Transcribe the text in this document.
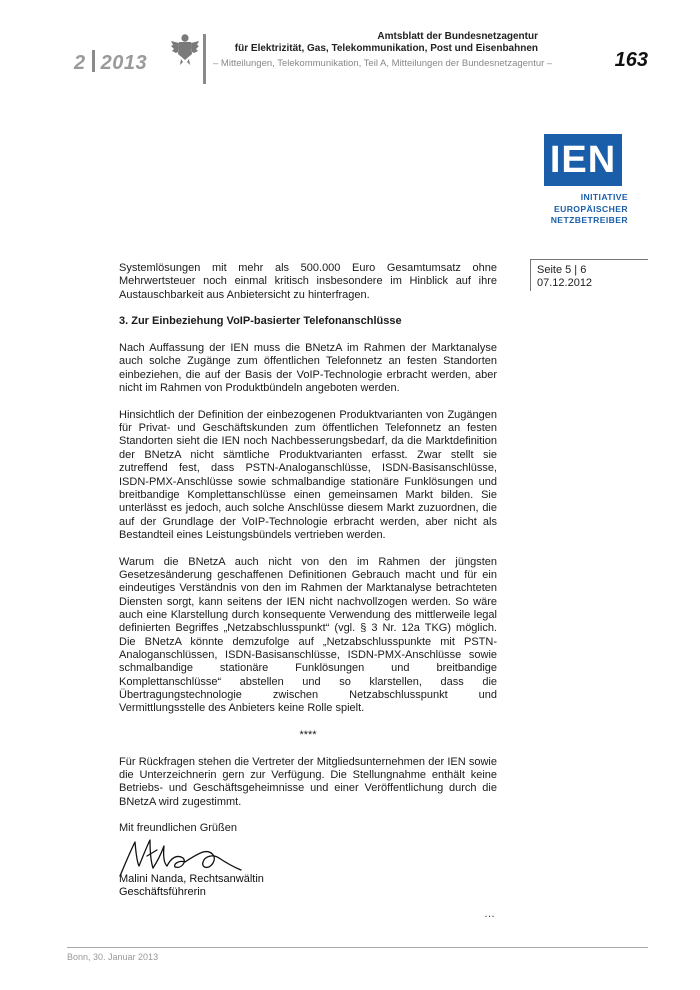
2 2013
Amtsblatt der Bundesnetzagentur
für Elektrizität, Gas, Telekommunikation, Post und Eisenbahnen
– Mitteilungen, Telekommunikation, Teil A, Mitteilungen der Bundesnetzagentur –	163
IEN
INITIATIVE
EUROPÄISCHER
NETZBETREIBER
Seite 5 | 6
07.12.2012

Systemlösungen mit mehr als 500.000 Euro Gesamtumsatz ohne Mehrwertsteuer noch einmal kritisch insbesondere im Hinblick auf ihre Austauschbarkeit aus Anbietersicht zu hinterfragen.

3. Zur Einbeziehung VoIP-basierter Telefonanschlüsse

Nach Auffassung der IEN muss die BNetzA im Rahmen der Marktanalyse auch solche Zugänge zum öffentlichen Telefonnetz an festen Standorten einbeziehen, die auf der Basis der VoIP-Technologie erbracht werden, aber nicht im Rahmen von Produktbündeln angeboten werden.

Hinsichtlich der Definition der einbezogenen Produktvarianten von Zugängen für Privat- und Geschäftskunden zum öffentlichen Telefonnetz an festen Standorten sieht die IEN noch Nachbesserungsbedarf, da die Marktdefinition der BNetzA nicht sämtliche Produktvarianten erfasst. Zwar stellt sie zutreffend fest, dass PSTN-Analoganschlüsse, ISDN-Basisanschlüsse, ISDN-PMX-Anschlüsse sowie schmalbandige stationäre Funklösungen und breitbandige Komplettanschlüsse einen gemeinsamen Markt bilden. Sie unterlässt es jedoch, auch solche Anschlüsse diesem Markt zuzuordnen, die auf der Grundlage der VoIP-Technologie erbracht werden, aber nicht als Bestandteil eines Leistungsbündels vertrieben werden.

Warum die BNetzA auch nicht von den im Rahmen der jüngsten Gesetzesänderung geschaffenen Definitionen Gebrauch macht und für ein eindeutiges Verständnis von den im Rahmen der Marktanalyse betrachteten Diensten sorgt, kann seitens der IEN nicht nachvollzogen werden. So wäre auch eine Klarstellung durch konsequente Verwendung des mittlerweile legal definierten Begriffes „Netzabschlusspunkt“ (vgl. § 3 Nr. 12a TKG) möglich. Die BNetzA könnte demzufolge auf „Netzabschlusspunkte mit PSTN-Analoganschlüssen, ISDN-Basisanschlüsse, ISDN-PMX-Anschlüsse sowie schmalbandige stationäre Funklösungen und breitbandige Komplettanschlüsse“ abstellen und so klarstellen, dass die Übertragungstechnologie zwischen Netzabschlusspunkt und Vermittlungsstelle des Anbieters keine Rolle spielt.

****

Für Rückfragen stehen die Vertreter der Mitgliedsunternehmen der IEN sowie die Unterzeichnerin gern zur Verfügung. Die Stellungnahme enthält keine Betriebs- und Geschäftsgeheimnisse und einer Veröffentlichung durch die BNetzA wird zugestimmt.

Mit freundlichen Grüßen

Malini Nanda, Rechtsanwältin
Geschäftsführerin
…
Bonn, 30. Januar 2013
